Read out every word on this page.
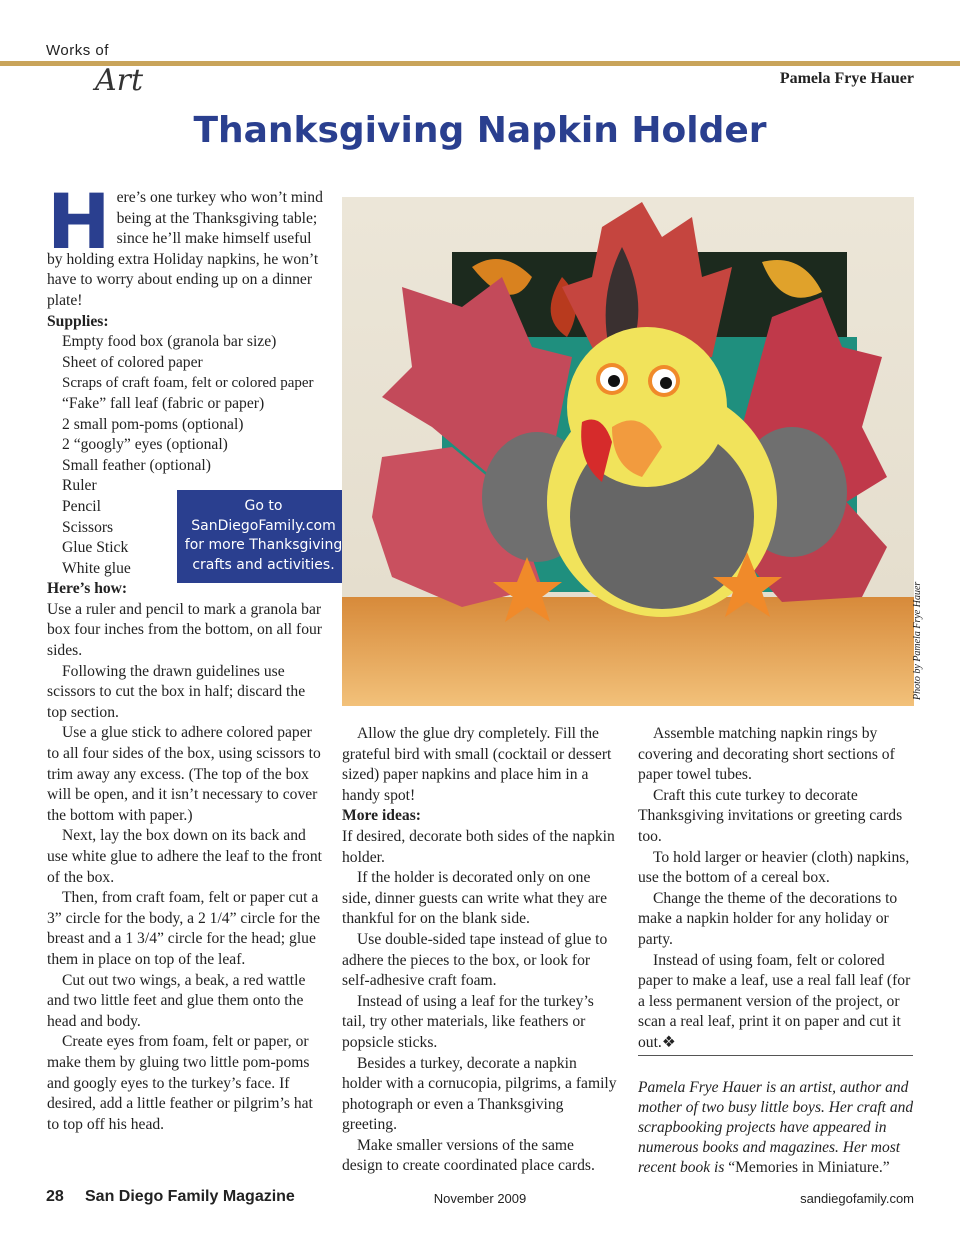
Works of
Art	Pamela Frye Hauer
Thanksgiving Napkin Holder

Here’s one turkey who won’t mind being at the Thanksgiving table; since he’ll make himself useful by holding extra Holiday napkins, he won’t have to worry about ending up on a dinner plate!

Supplies:

Empty food box (granola bar size)

Sheet of colored paper

Scraps of craft foam, felt or colored paper

“Fake” fall leaf (fabric or paper)

2 small pom-poms (optional)

2 “googly” eyes (optional)

Small feather (optional)

Ruler

Pencil

Scissors

Glue Stick

White glue

Here’s how:

Use a ruler and pencil to mark a granola bar box four inches from the bottom, on all four sides.

Following the drawn guidelines use scissors to cut the box in half; discard the top section.

Use a glue stick to adhere colored paper to all four sides of the box, using scissors to trim away any excess. (The top of the box will be open, and it isn’t necessary to cover the bottom with paper.)

Next, lay the box down on its back and use white glue to adhere the leaf to the front of the box.

Then, from craft foam, felt or paper cut a 3” circle for the body, a 2 1/4” circle for the breast and a 1 3/4” circle for the head; glue them in place on top of the leaf.

Cut out two wings, a beak, a red wattle and two little feet and glue them onto the head and body.

Create eyes from foam, felt or paper, or make them by gluing two little pom-poms and googly eyes to the turkey’s face. If desired, add a little feather or pilgrim’s hat to top off his head.

Go to
SanDiegoFamily.com
for more Thanksgiving
crafts and activities.
Photo by Pamela Frye Hauer

Allow the glue dry completely. Fill the grateful bird with small (cocktail or dessert sized) paper napkins and place him in a handy spot!

More ideas:

If desired, decorate both sides of the napkin holder.

If the holder is decorated only on one side, dinner guests can write what they are thankful for on the blank side.

Use double-sided tape instead of glue to adhere the pieces to the box, or look for self-adhesive craft foam.

Instead of using a leaf for the turkey’s tail, try other materials, like feathers or popsicle sticks.

Besides a turkey, decorate a napkin holder with a cornucopia, pilgrims, a family photograph or even a Thanksgiving greeting.

Make smaller versions of the same design to create coordinated place cards.

Assemble matching napkin rings by covering and decorating short sections of paper towel tubes.

Craft this cute turkey to decorate Thanksgiving invitations or greeting cards too.

To hold larger or heavier (cloth) napkins, use the bottom of a cereal box.

Change the theme of the decorations to make a napkin holder for any holiday or party.

Instead of using foam, felt or colored paper to make a leaf, use a real fall leaf (for a less permanent version of the project, or scan a real leaf, print it on paper and cut it out.❖

Pamela Frye Hauer is an artist, author and mother of two busy little boys. Her craft and scrapbooking projects have appeared in numerous books and magazines. Her most recent book is “Memories in Miniature.”
28 San Diego Family Magazine	November 2009	sandiegofamily.com
